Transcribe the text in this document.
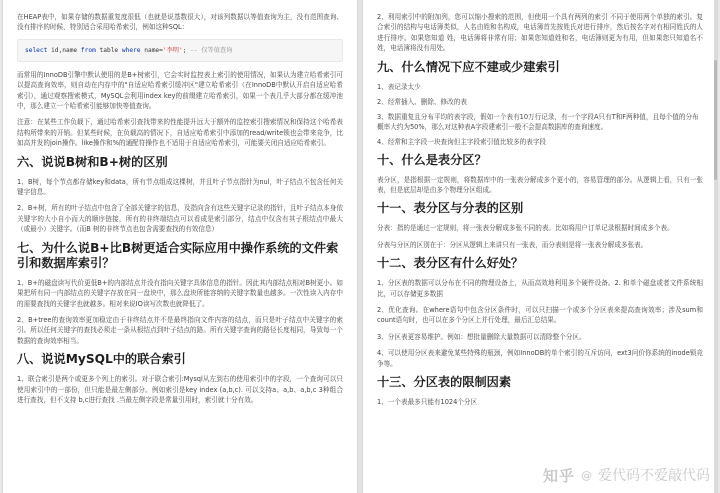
在HEAP表中，如果存储的数据重复度很低（也就是说基数很大），对该列数据以等值查询为主，没有范围查询、没有排序的时候，特别适合采用哈希索引，例如这种SQL：

select id,name from table where name='李明'; -- 仅等值查询

而常用的InnoDB引擎中默认使用的是B+树索引，它会实时监控表上索引的使用情况，如果认为建立哈希索引可以提高查询效率，则自动在内存中的"自适应哈希索引缓冲区"建立哈希索引（在InnoDB中默认开启自适应哈希索引），通过观察搜索模式，MySQL会利用index key的前缀建立哈希索引，如果一个表几乎大部分都在缓冲池中，那么建立一个哈希索引能够加快等值查询。

注意：在某些工作负载下，通过哈希索引查找带来的性能提升远大于额外的监控索引搜索情况和保持这个哈希表结构所带来的开销。但某些时候，在负载高的情况下，自适应哈希索引中添加的read/write锁也会带来竞争，比如高并发的join操作。like操作和%的通配符操作也不适用于自适应哈希索引，可能要关闭自适应哈希索引。

六、说说B树和B+树的区别

1、B树，每个节点都存储key和data，所有节点组成这棵树，并且叶子节点指针为nul，叶子结点不包含任何关键字信息。

2、B+树，所有的叶子结点中包含了全部关键字的信息，及指向含有这些关键字记录的指针，且叶子结点本身依关键字的大小自小而大的顺序链接，所有的非终端结点可以看成是索引部分，结点中仅含有其子根结点中最大（或最小）关键字。（而B 树的非终节点也包含需要查找的有效信息）

七、为什么说B+比B树更适合实际应用中操作系统的文件索引和数据库索引？

1、B+的磁盘读写代价更低B+的内部结点并没有指向关键字具体信息的指针。因此其内部结点相对B树更小。如果把所有同一内部结点的关键字存放在同一盘块中，那么盘块所能容纳的关键字数量也越多。一次性读入内存中的需要查找的关键字也就越多。相对来说IO读写次数也就降低了。

2、B+tree的查询效率更加稳定由于非终结点并不是最终指向文件内容的结点，而只是叶子结点中关键字的索引。所以任何关键字的查找必须走一条从根结点到叶子结点的路。所有关键字查询的路径长度相同，导致每一个数据的查询效率相当。

八、说说MySQL中的联合索引

1、联合索引是两个或更多个列上的索引。对于联合索引:Mysql从左到右的使用索引中的字段，一个查询可以只使用索引中的一部份，但只能是最左侧部分。例如索引是key index (a,b,c). 可以支持a、a,b、a,b,c 3种组合进行查找，但不支持 b,c进行查找 .当最左侧字段是常量引用时，索引就十分有效。

2、利用索引中的附加列，您可以缩小搜索的范围，但使用一个具有两列的索引 不同于使用两个单独的索引。复合索引的结构与电话簿类似，人名由姓和名构成，电话簿首先按姓氏对进行排序，然后按名字对有相同姓氏的人进行排序。如果您知道 姓，电话簿将非常有用；如果您知道姓和名，电话簿则更为有用，但如果您只知道名不姓，电话簿将没有用处。

九、什么情况下应不建或少建索引

1、表记录太少

2、经常插入、删除、修改的表

3、数据重复且分布平均的表字段，假如一个表有10万行记录，有一个字段A只有T和F两种值，且每个值的分布概率大约为50%，那么对这种表A字段建索引一般不会提高数据库的查询速度。

4、经常和主字段一块查询但主字段索引值比较多的表字段

十、什么是表分区？

表分区，是指根据一定规则，将数据库中的一张表分解成多个更小的，容易管理的部分。从逻辑上看，只有一张表，但是底层却是由多个物理分区组成。

十一、表分区与分表的区别

分表：指的是通过一定规则，将一张表分解成多张不同的表。比如将用户订单记录根据时间成多个表。

分表与分区的区别在于：分区从逻辑上来讲只有一张表，而分表则是将一张表分解成多张表。

十二、表分区有什么好处？

1、分区表的数据可以分布在不同的物理设备上，从而高效地利用多个硬件设备。2. 和单个磁盘或者文件系统相比，可以存储更多数据

2、优化查询。在where语句中包含分区条件时，可以只扫描一个或多个分区表来提高查询效率；涉及sum和count语句时，也可以在多个分区上并行处理，最后汇总结果。

3、分区表更容易维护。例如：想批量删除大量数据可以清除整个分区。

4、可以使用分区表来避免某些特殊的瓶颈，例如InnoDB的单个索引的互斥访问，ext3问价你系统的inode锁竞争等。

十三、分区表的限制因素

1、一个表最多只能有1024个分区

知乎 @ 爱代码不爱敲代码
